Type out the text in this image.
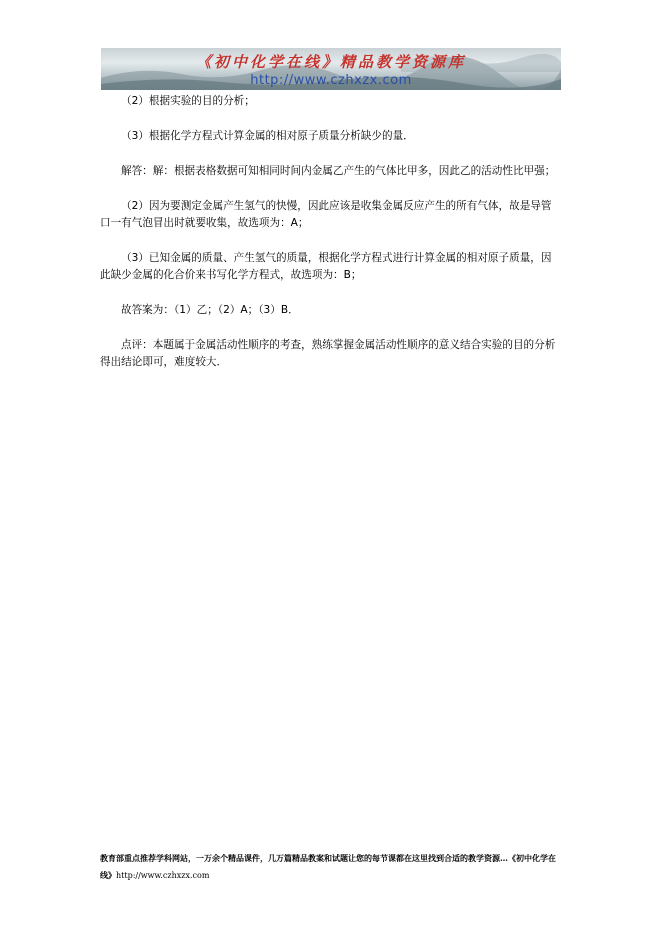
《初中化学在线》精品教学资源库
http://www.czhxzx.com

（2）根据实验的目的分析；

（3）根据化学方程式计算金属的相对原子质量分析缺少的量．

解答：解：根据表格数据可知相同时间内金属乙产生的气体比甲多，因此乙的活动性比甲强；

（2）因为要测定金属产生氢气的快慢，因此应该是收集金属反应产生的所有气体，故是导管口一有气泡冒出时就要收集，故选项为：A；

（3）已知金属的质量、产生氢气的质量，根据化学方程式进行计算金属的相对原子质量，因此缺少金属的化合价来书写化学方程式，故选项为：B；

故答案为：（1）乙；（2）A；（3）B．

点评：本题属于金属活动性顺序的考查，熟练掌握金属活动性顺序的意义结合实验的目的分析得出结论即可，难度较大．

教育部重点推荐学科网站，一万余个精品课件，几万篇精品教案和试题让您的每节课都在这里找到合适的教学资源…《初中化学在线》http://www.czhxzx.com
